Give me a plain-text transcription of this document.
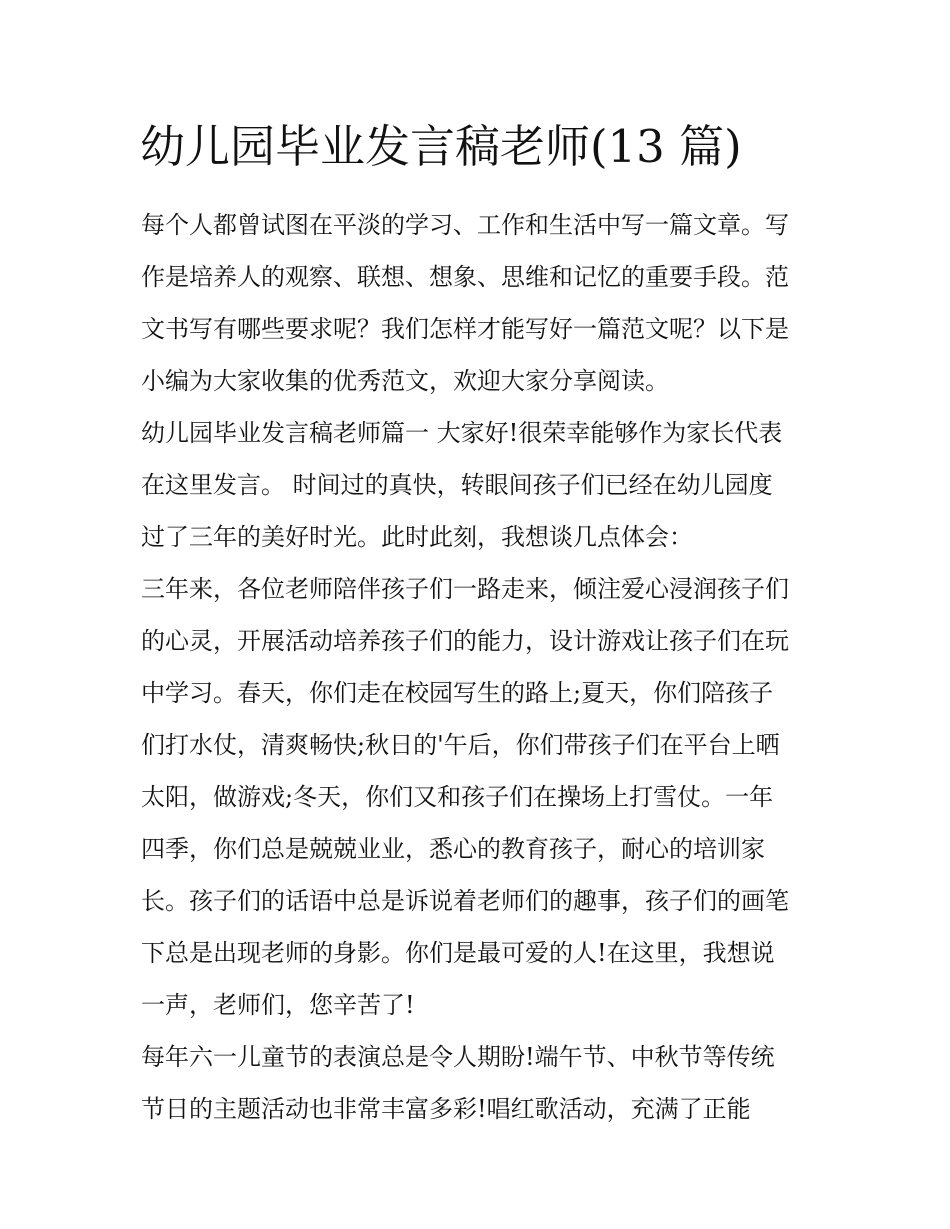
幼儿园毕业发言稿老师(13 篇)
每个人都曾试图在平淡的学习、工作和生活中写一篇文章。写
作是培养人的观察、联想、想象、思维和记忆的重要手段。范
文书写有哪些要求呢？我们怎样才能写好一篇范文呢？以下是
小编为大家收集的优秀范文，欢迎大家分享阅读。
幼儿园毕业发言稿老师篇一 大家好!很荣幸能够作为家长代表
在这里发言。 时间过的真快，转眼间孩子们已经在幼儿园度
过了三年的美好时光。此时此刻，我想谈几点体会：
三年来，各位老师陪伴孩子们一路走来，倾注爱心浸润孩子们
的心灵，开展活动培养孩子们的能力，设计游戏让孩子们在玩
中学习。春天，你们走在校园写生的路上;夏天，你们陪孩子
们打水仗，清爽畅快;秋日的'午后，你们带孩子们在平台上晒
太阳，做游戏;冬天，你们又和孩子们在操场上打雪仗。一年
四季，你们总是兢兢业业，悉心的教育孩子，耐心的培训家
长。孩子们的话语中总是诉说着老师们的趣事，孩子们的画笔
下总是出现老师的身影。你们是最可爱的人!在这里，我想说
一声，老师们，您辛苦了!
每年六一儿童节的表演总是令人期盼!端午节、中秋节等传统
节日的主题活动也非常丰富多彩!唱红歌活动，充满了正能
